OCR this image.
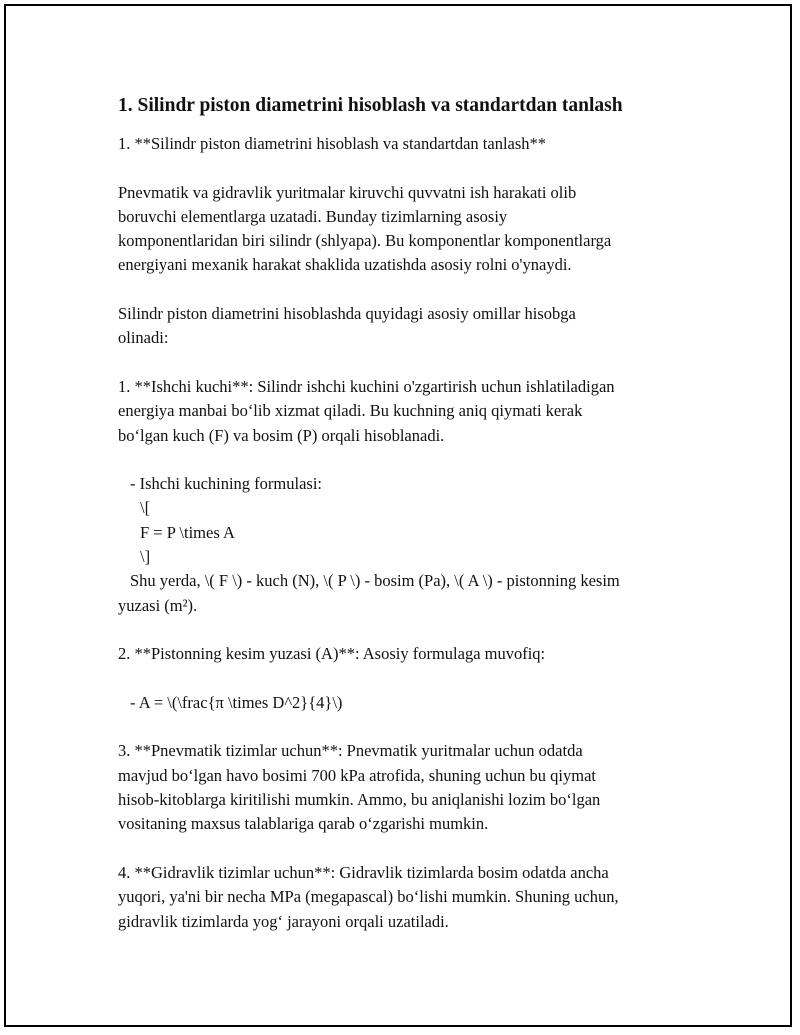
1. Silindr piston diametrini hisoblash va standartdan tanlash
1. **Silindr piston diametrini hisoblash va standartdan tanlash**
Pnevmatik va gidravlik yuritmalar kiruvchi quvvatni ish harakati olib
boruvchi elementlarga uzatadi. Bunday tizimlarning asosiy
komponentlaridan biri silindr (shlyapa). Bu komponentlar komponentlarga
energiyani mexanik harakat shaklida uzatishda asosiy rolni o'ynaydi.
Silindr piston diametrini hisoblashda quyidagi asosiy omillar hisobga
olinadi:
1. **Ishchi kuchi**: Silindr ishchi kuchini o'zgartirish uchun ishlatiladigan
energiya manbai bo‘lib xizmat qiladi. Bu kuchning aniq qiymati kerak
bo‘lgan kuch (F) va bosim (P) orqali hisoblanadi.
- Ishchi kuchining formulasi:
\[
F = P \times A
\]
Shu yerda, \( F \) - kuch (N), \( P \) - bosim (Pa), \( A \) - pistonning kesim
yuzasi (m²).
2. **Pistonning kesim yuzasi (A)**: Asosiy formulaga muvofiq:
- A = \(\frac{π \times D^2}{4}\)
3. **Pnevmatik tizimlar uchun**: Pnevmatik yuritmalar uchun odatda
mavjud bo‘lgan havo bosimi 700 kPa atrofida, shuning uchun bu qiymat
hisob-kitoblarga kiritilishi mumkin. Ammo, bu aniqlanishi lozim bo‘lgan
vositaning maxsus talablariga qarab o‘zgarishi mumkin.
4. **Gidravlik tizimlar uchun**: Gidravlik tizimlarda bosim odatda ancha
yuqori, ya'ni bir necha MPa (megapascal) bo‘lishi mumkin. Shuning uchun,
gidravlik tizimlarda yog‘ jarayoni orqali uzatiladi.
